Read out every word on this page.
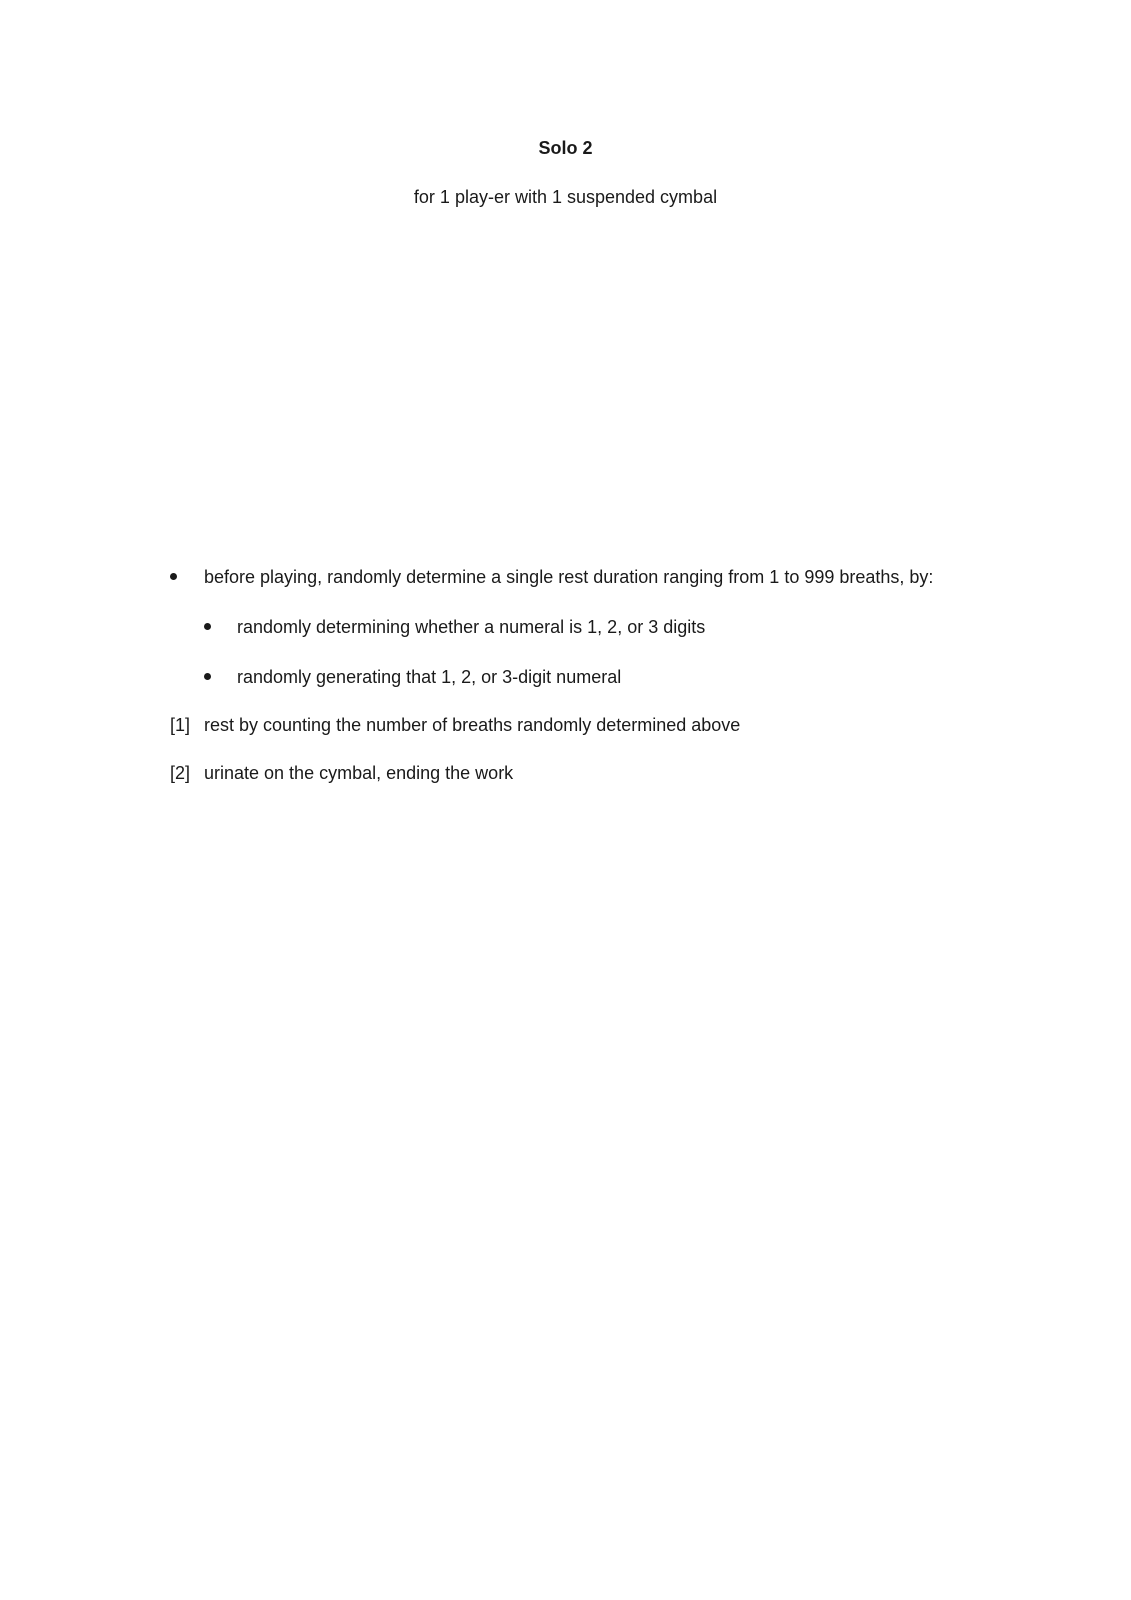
Solo 2
for 1 play-er with 1 suspended cymbal
before playing, randomly determine a single rest duration ranging from 1 to 999 breaths, by:
randomly determining whether a numeral is 1, 2, or 3 digits
randomly generating that 1, 2, or 3-digit numeral
[1] rest by counting the number of breaths randomly determined above
[2] urinate on the cymbal, ending the work
